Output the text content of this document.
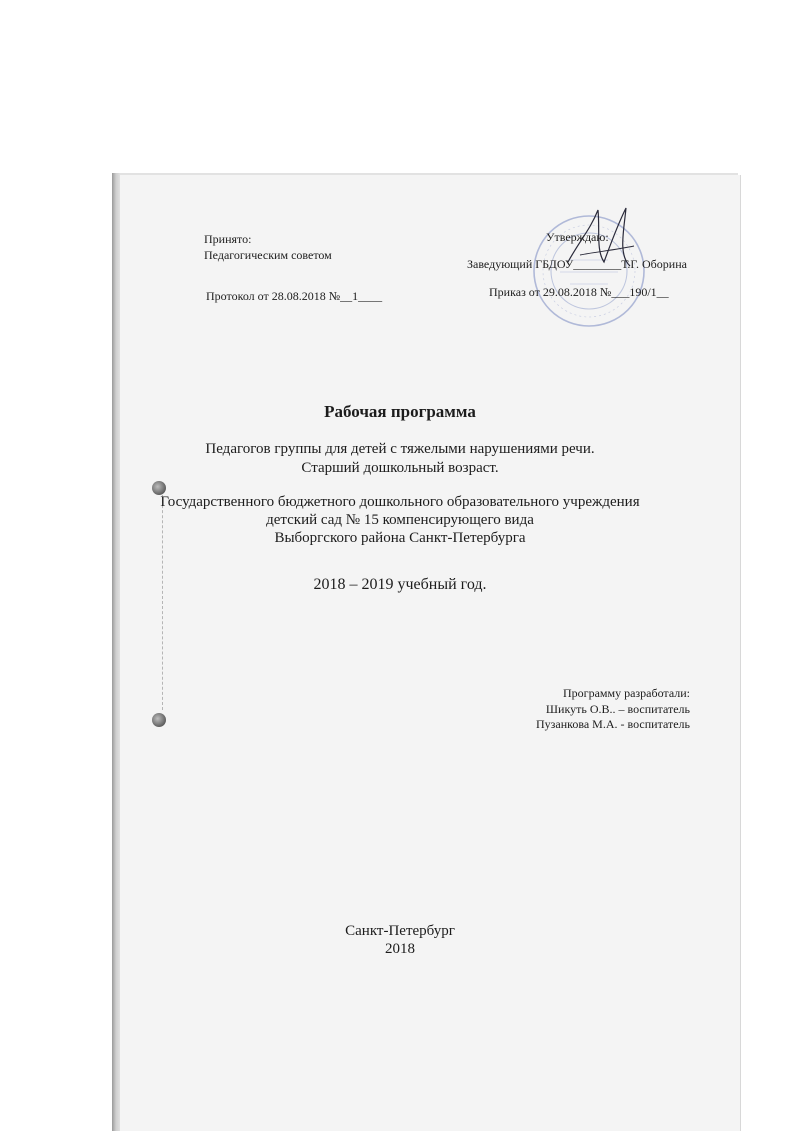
Принято:
Педагогическим советом
Протокол от 28.08.2018 №__1____
Утверждаю:
Заведующий ГБДОУ________Т.Г. Оборина
Приказ от 29.08.2018 №___190/1__
Рабочая программа
Педагогов группы для детей с тяжелыми нарушениями речи.
Старший дошкольный возраст.
Государственного бюджетного дошкольного образовательного учреждения
детский сад № 15 компенсирующего вида
Выборгского района Санкт-Петербурга
2018 – 2019 учебный год.
Программу разработали:
Шикуть О.В.. – воспитатель
Пузанкова М.А. - воспитатель
Санкт-Петербург
2018
